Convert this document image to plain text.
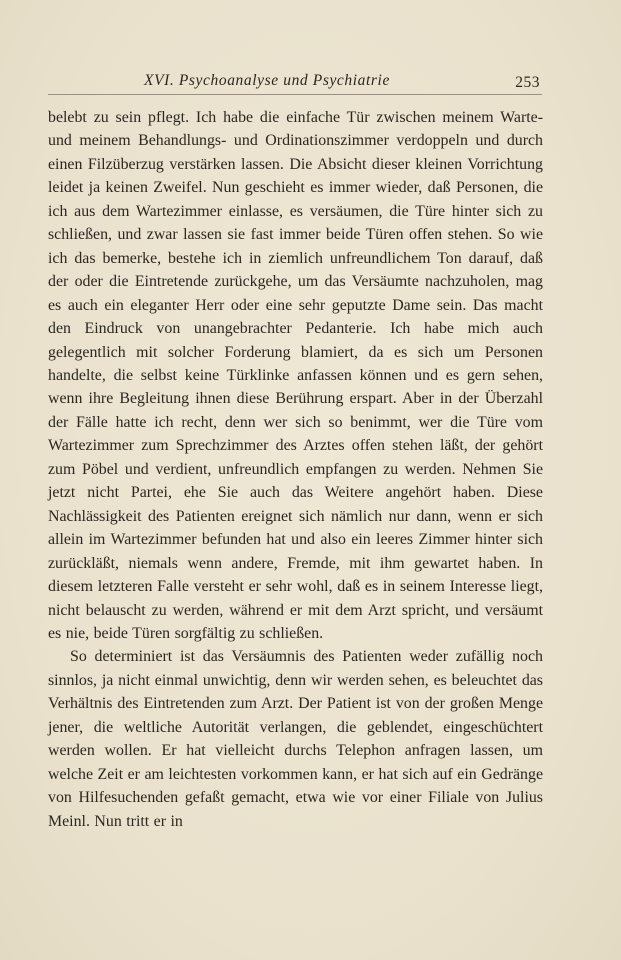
XVI. Psychoanalyse und Psychiatrie	253

belebt zu sein pflegt. Ich habe die einfache Tür zwischen meinem Warte- und meinem Behandlungs- und Ordinationszimmer verdoppeln und durch einen Filzüberzug verstärken lassen. Die Absicht dieser kleinen Vorrichtung leidet ja keinen Zweifel. Nun geschieht es immer wieder, daß Personen, die ich aus dem Wartezimmer einlasse, es versäumen, die Türe hinter sich zu schließen, und zwar lassen sie fast immer beide Türen offen stehen. So wie ich das bemerke, bestehe ich in ziemlich unfreundlichem Ton darauf, daß der oder die Eintretende zurückgehe, um das Versäumte nachzuholen, mag es auch ein eleganter Herr oder eine sehr geputzte Dame sein. Das macht den Eindruck von unangebrachter Pedanterie. Ich habe mich auch gelegentlich mit solcher Forderung blamiert, da es sich um Personen handelte, die selbst keine Türklinke anfassen können und es gern sehen, wenn ihre Begleitung ihnen diese Berührung erspart. Aber in der Überzahl der Fälle hatte ich recht, denn wer sich so benimmt, wer die Türe vom Wartezimmer zum Sprechzimmer des Arztes offen stehen läßt, der gehört zum Pöbel und verdient, unfreundlich empfangen zu werden. Nehmen Sie jetzt nicht Partei, ehe Sie auch das Weitere angehört haben. Diese Nachlässigkeit des Patienten ereignet sich nämlich nur dann, wenn er sich allein im Wartezimmer befunden hat und also ein leeres Zimmer hinter sich zurückläßt, niemals wenn andere, Fremde, mit ihm gewartet haben. In diesem letzteren Falle versteht er sehr wohl, daß es in seinem Interesse liegt, nicht belauscht zu werden, während er mit dem Arzt spricht, und versäumt es nie, beide Türen sorgfältig zu schließen.

So determiniert ist das Versäumnis des Patienten weder zufällig noch sinnlos, ja nicht einmal unwichtig, denn wir werden sehen, es beleuchtet das Verhältnis des Eintretenden zum Arzt. Der Patient ist von der großen Menge jener, die weltliche Autorität verlangen, die geblendet, eingeschüchtert werden wollen. Er hat vielleicht durchs Telephon anfragen lassen, um welche Zeit er am leichtesten vorkommen kann, er hat sich auf ein Gedränge von Hilfesuchenden gefaßt gemacht, etwa wie vor einer Filiale von Julius Meinl. Nun tritt er in
